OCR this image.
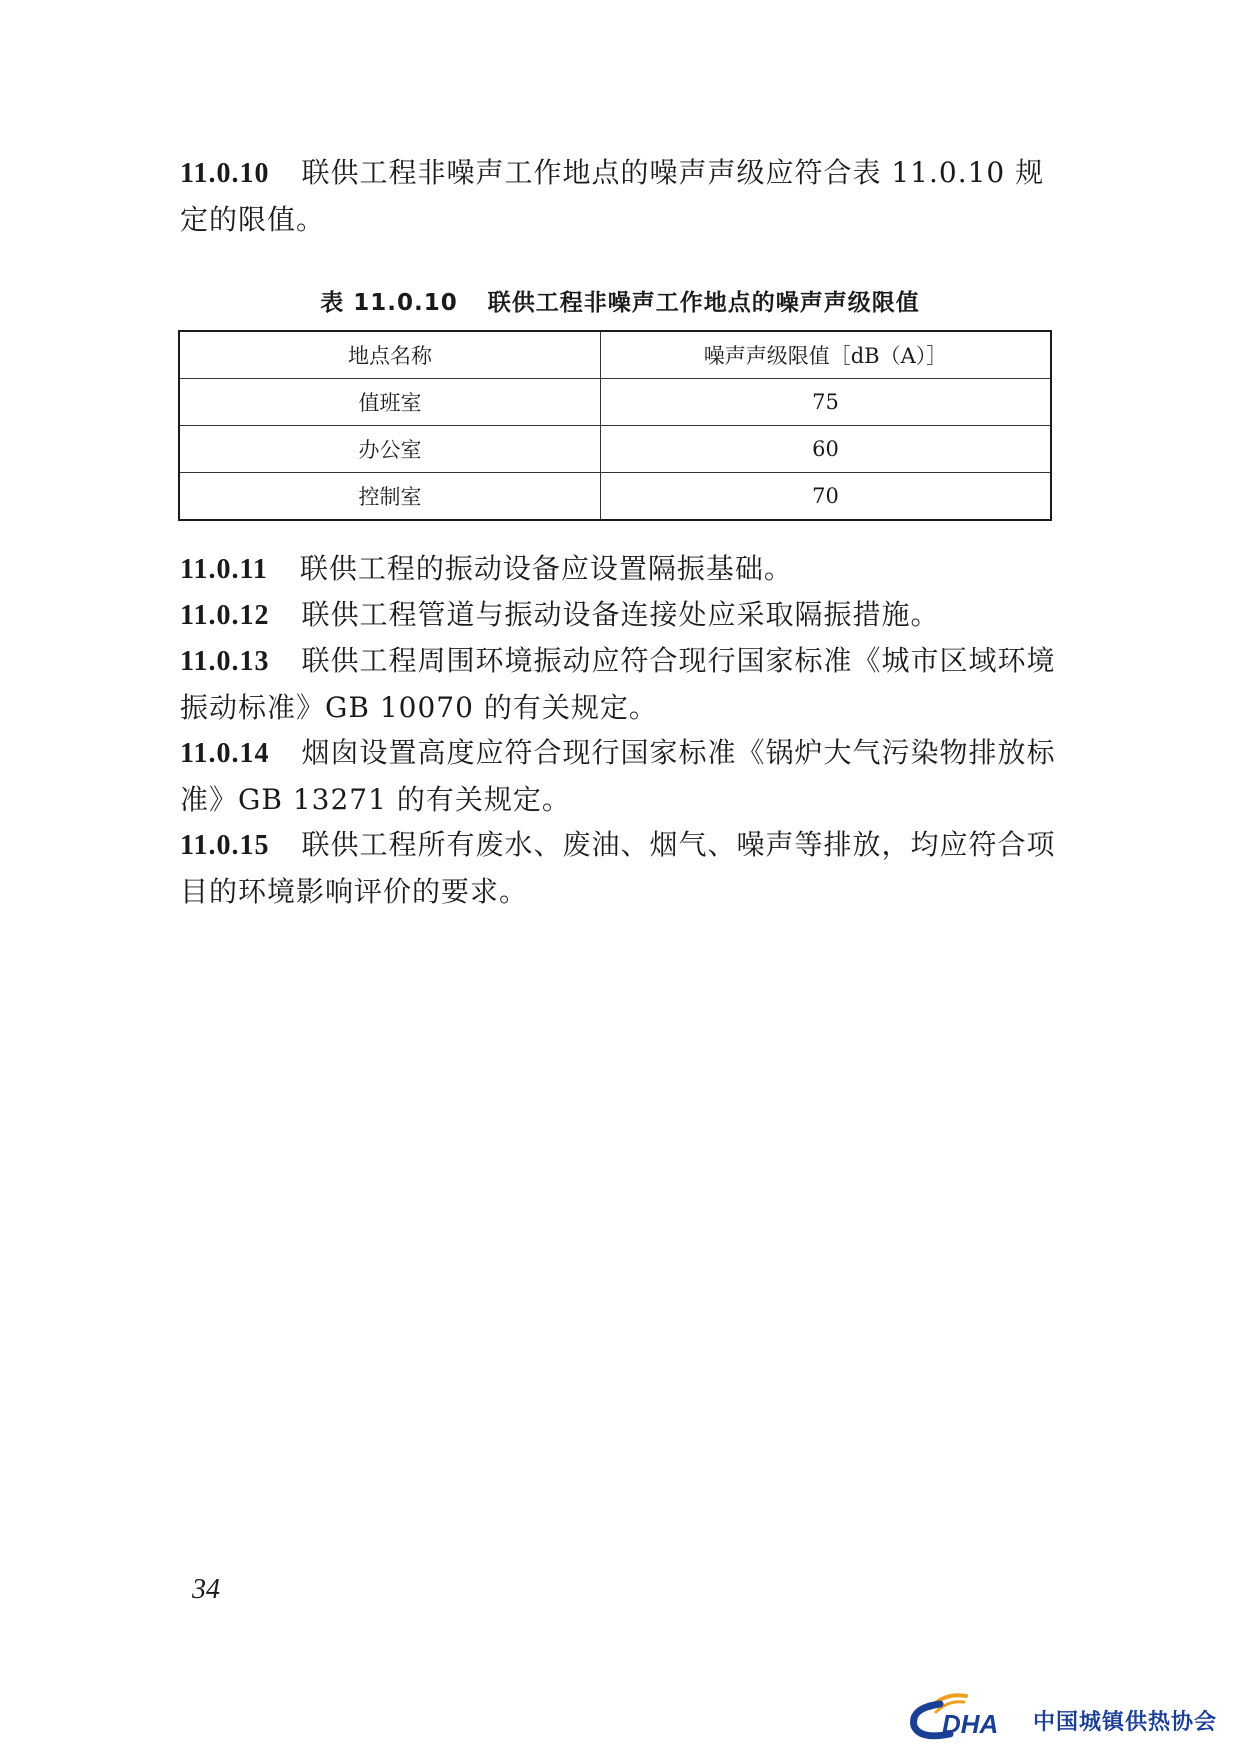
11.0.10 联供工程非噪声工作地点的噪声声级应符合表 11.0.10 规定的限值。
表 11.0.10 联供工程非噪声工作地点的噪声声级限值
地点名称	噪声声级限值［dB（A）］
值班室	75
办公室	60
控制室	70
11.0.11 联供工程的振动设备应设置隔振基础。
11.0.12 联供工程管道与振动设备连接处应采取隔振措施。
11.0.13 联供工程周围环境振动应符合现行国家标准《城市区域环境振动标准》GB 10070 的有关规定。
11.0.14 烟囱设置高度应符合现行国家标准《锅炉大气污染物排放标准》GB 13271 的有关规定。
11.0.15 联供工程所有废水、废油、烟气、噪声等排放，均应符合项目的环境影响评价的要求。
34
DHA 中国城镇供热协会
